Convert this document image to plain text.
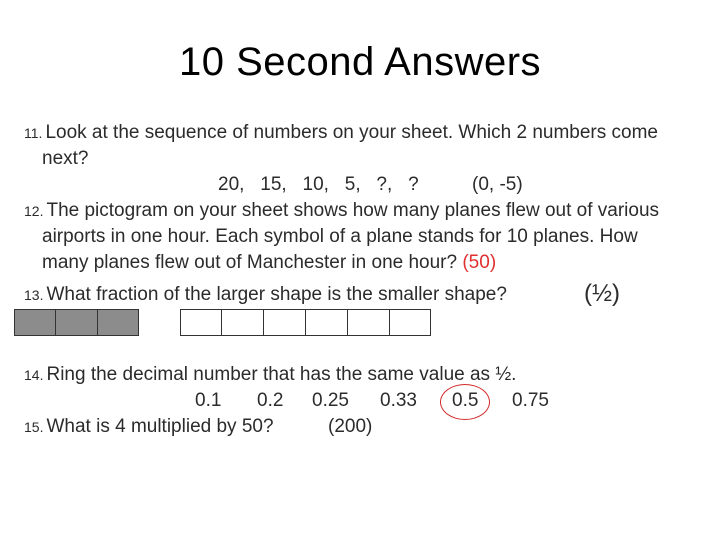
10 Second Answers
11. Look at the sequence of numbers on your sheet. Which 2 numbers come
next?
20,   15,   10,   5,   ?,   ?	(0, -5)
12. The pictogram on your sheet shows how many planes flew out of various
airports in one hour. Each symbol of a plane stands for 10 planes. How
many planes flew out of Manchester in one hour? (50)
13. What fraction of the larger shape is the smaller shape?	(½)
14. Ring the decimal number that has the same value as ½.
0.1 0.2 0.25 0.33 0.5 0.75
15. What is 4 multiplied by 50?	(200)
